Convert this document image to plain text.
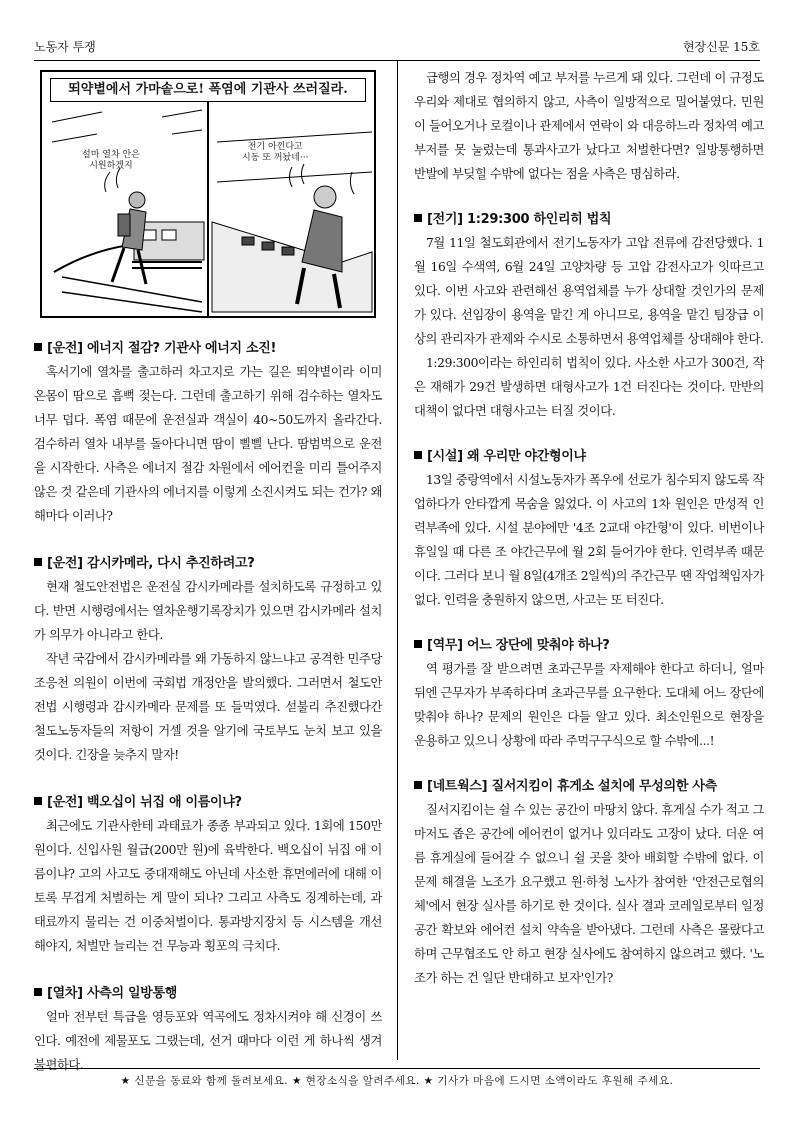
노동자 투쟁	현장신문 15호
뙤약볕에서 가마솥으로! 폭염에 기관사 쓰러질라.
설마 열차 안은
시원하겠지
전기 아낀다고
시동 또 꺼놨네···
[운전] 에너지 절감? 기관사 에너지 소진!

혹서기에 열차를 출고하러 차고지로 가는 길은 뙤약볕이라 이미 온몸이 땀으로 흠뻑 젖는다. 그런데 출고하기 위해 검수하는 열차도 너무 덥다. 폭염 때문에 운전실과 객실이 40~50도까지 올라간다. 검수하러 열차 내부를 돌아다니면 땀이 삘삘 난다. 땀범벅으로 운전을 시작한다. 사측은 에너지 절감 차원에서 에어컨을 미리 틀어주지 않은 것 같은데 기관사의 에너지를 이렇게 소진시켜도 되는 건가? 왜 해마다 이러나?

[운전] 감시카메라, 다시 추진하려고?

현재 철도안전법은 운전실 감시카메라를 설치하도록 규정하고 있다. 반면 시행령에서는 열차운행기록장치가 있으면 감시카메라 설치가 의무가 아니라고 한다.

작년 국감에서 감시카메라를 왜 가동하지 않느냐고 공격한 민주당 조응천 의원이 이번에 국회법 개정안을 발의했다. 그러면서 철도안전법 시행령과 감시카메라 문제를 또 들먹였다. 섣불리 추진했다간 철도노동자들의 저항이 거셀 것을 알기에 국토부도 눈치 보고 있을 것이다. 긴장을 늦추지 말자!

[운전] 백오십이 뉘집 애 이름이냐?

최근에도 기관사한테 과태료가 종종 부과되고 있다. 1회에 150만 원이다. 신입사원 월급(200만 원)에 육박한다. 백오십이 뉘집 애 이름이냐? 고의 사고도 중대재해도 아닌데 사소한 휴먼에러에 대해 이토록 무겁게 처벌하는 게 말이 되나? 그리고 사측도 징계하는데, 과태료까지 물리는 건 이중처벌이다. 통과방지장치 등 시스템을 개선해야지, 처벌만 늘리는 건 무능과 횡포의 극치다.

[열차] 사측의 일방통행

얼마 전부턴 특급을 영등포와 역곡에도 정차시켜야 해 신경이 쓰인다. 예전에 제물포도 그랬는데, 선거 때마다 이런 게 하나씩 생겨 불편하다.

급행의 경우 정차역 예고 부저를 누르게 돼 있다. 그런데 이 규정도 우리와 제대로 협의하지 않고, 사측이 일방적으로 밀어붙였다. 민원이 들어오거나 로컬이나 관제에서 연락이 와 대응하느라 정차역 예고 부저를 못 눌렀는데 통과사고가 났다고 처벌한다면? 일방통행하면 반발에 부딪힐 수밖에 없다는 점을 사측은 명심하라.

[전기] 1:29:300 하인리히 법칙

7월 11일 철도회관에서 전기노동자가 고압 전류에 감전당했다. 1월 16일 수색역, 6월 24일 고양차량 등 고압 감전사고가 잇따르고 있다. 이번 사고와 관련해선 용역업체를 누가 상대할 것인가의 문제가 있다. 선임장이 용역을 맡긴 게 아니므로, 용역을 맡긴 팀장급 이상의 관리자가 관제와 수시로 소통하면서 용역업체를 상대해야 한다.

1:29:300이라는 하인리히 법칙이 있다. 사소한 사고가 300건, 작은 재해가 29건 발생하면 대형사고가 1건 터진다는 것이다. 만반의 대책이 없다면 대형사고는 터질 것이다.

[시설] 왜 우리만 야간형이냐

13일 중랑역에서 시설노동자가 폭우에 선로가 침수되지 않도록 작업하다가 안타깝게 목숨을 잃었다. 이 사고의 1차 원인은 만성적 인력부족에 있다. 시설 분야에만 '4조 2교대 야간형'이 있다. 비번이나 휴일일 때 다른 조 야간근무에 월 2회 들어가야 한다. 인력부족 때문이다. 그러다 보니 월 8일(4개조 2일씩)의 주간근무 땐 작업책임자가 없다. 인력을 충원하지 않으면, 사고는 또 터진다.

[역무] 어느 장단에 맞춰야 하나?

역 평가를 잘 받으려면 초과근무를 자제해야 한다고 하더니, 얼마 뒤엔 근무자가 부족하다며 초과근무를 요구한다. 도대체 어느 장단에 맞춰야 하나? 문제의 원인은 다들 알고 있다. 최소인원으로 현장을 운용하고 있으니 상황에 따라 주먹구구식으로 할 수밖에...!

[네트웍스] 질서지킴이 휴게소 설치에 무성의한 사측

질서지킴이는 쉴 수 있는 공간이 마땅치 않다. 휴게실 수가 적고 그마저도 좁은 공간에 에어컨이 없거나 있더라도 고장이 났다. 더운 여름 휴게실에 들어갈 수 없으니 쉴 곳을 찾아 배회할 수밖에 없다. 이 문제 해결을 노조가 요구했고 원·하청 노사가 참여한 '안전근로협의체'에서 현장 실사를 하기로 한 것이다. 실사 결과 코레일로부터 일정 공간 확보와 에어컨 설치 약속을 받아냈다. 그런데 사측은 몰랐다고 하며 근무협조도 안 하고 현장 실사에도 참여하지 않으려고 했다. '노조가 하는 건 일단 반대하고 보자'인가?

★ 신문을 동료와 함께 돌려보세요. ★ 현장소식을 알려주세요. ★ 기사가 마음에 드시면 소액이라도 후원해 주세요.
